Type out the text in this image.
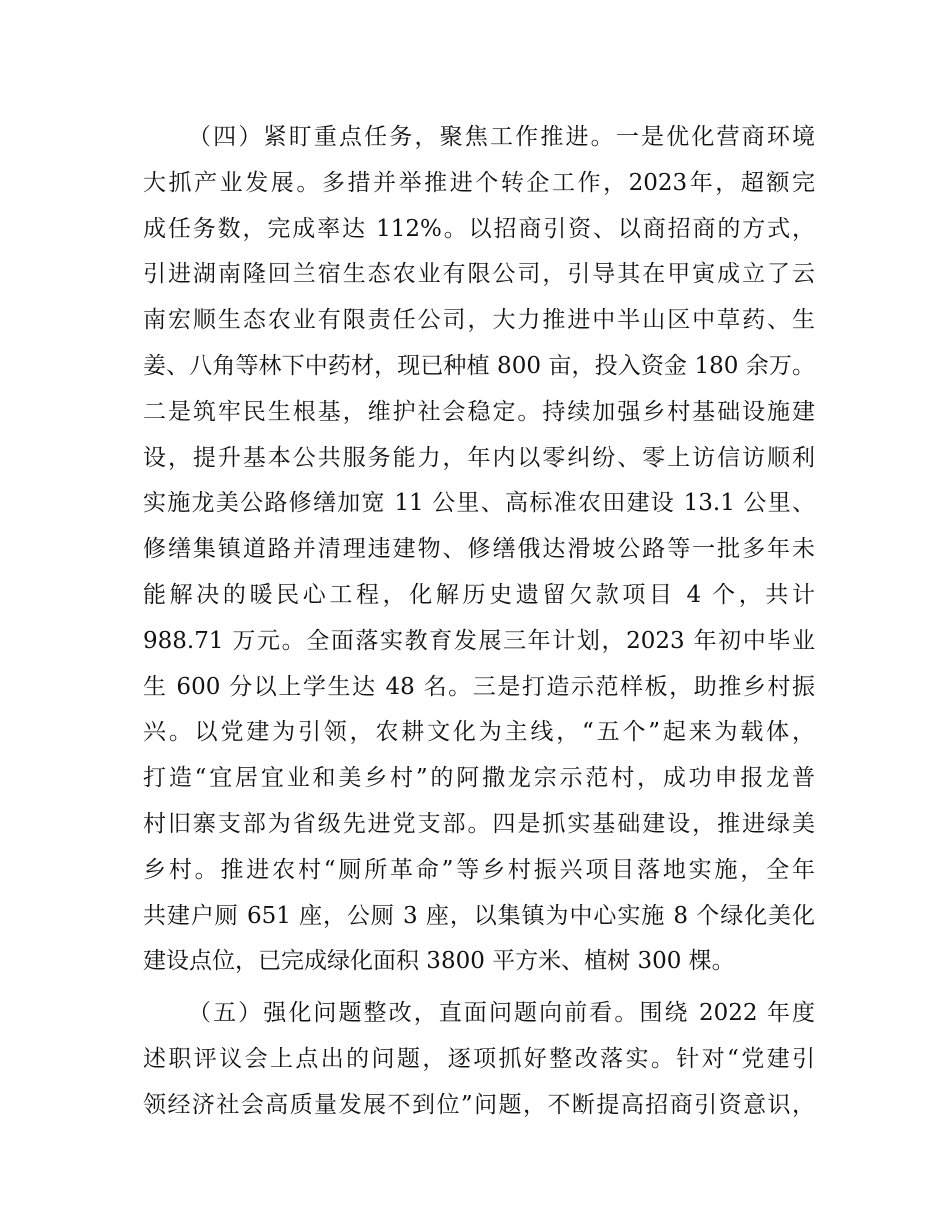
（四）紧盯重点任务，聚焦工作推进。一是优化营商环境
大抓产业发展。多措并举推进个转企工作，2023年，超额完
成任务数，完成率达 112%。以招商引资、以商招商的方式，
引进湖南隆回兰宿生态农业有限公司，引导其在甲寅成立了云
南宏顺生态农业有限责任公司，大力推进中半山区中草药、生
姜、八角等林下中药材，现已种植 800 亩，投入资金 180 余万。
二是筑牢民生根基，维护社会稳定。持续加强乡村基础设施建
设，提升基本公共服务能力，年内以零纠纷、零上访信访顺利
实施龙美公路修缮加宽 11 公里、高标准农田建设 13.1 公里、
修缮集镇道路并清理违建物、修缮俄达滑坡公路等一批多年未
能解决的暖民心工程，化解历史遗留欠款项目 4 个，共计
988.71 万元。全面落实教育发展三年计划，2023 年初中毕业
生 600 分以上学生达 48 名。三是打造示范样板，助推乡村振
兴。以党建为引领，农耕文化为主线，“五个”起来为载体，
打造“宜居宜业和美乡村”的阿撒龙宗示范村，成功申报龙普
村旧寨支部为省级先进党支部。四是抓实基础建设，推进绿美
乡村。推进农村“厕所革命”等乡村振兴项目落地实施，全年
共建户厕 651 座，公厕 3 座，以集镇为中心实施 8 个绿化美化
建设点位，已完成绿化面积 3800 平方米、植树 300 棵。
（五）强化问题整改，直面问题向前看。围绕 2022 年度
述职评议会上点出的问题，逐项抓好整改落实。针对“党建引
领经济社会高质量发展不到位”问题，不断提高招商引资意识，
